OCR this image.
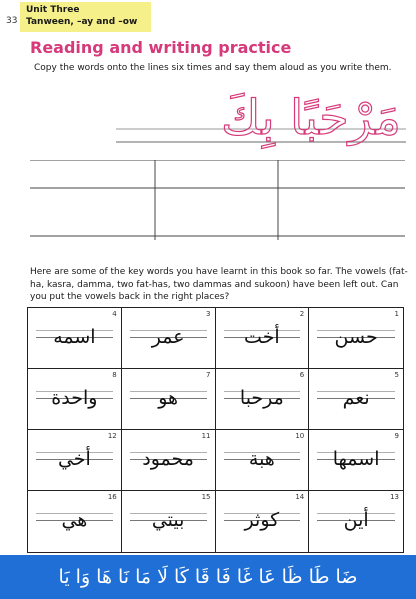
33
Unit Three
Tanween, –ay and –ow
Reading and writing practice
Copy the words onto the lines six times and say them aloud as you write them.
مَرْحَبًا بِكَ
Here are some of the key words you have learnt in this book so far. The vowels (fat-ha, kasra, damma, two fat-has, two dammas and sukoon) have been left out. Can you put the vowels back in the right places?
4
اسمه
3
عمر
2
أخت
1
حسن
8
واحدة
7
هو
6
مرحبا
5
نعم
12
أخي
11
محمود
10
هبة
9
اسمها
16
هي
15
بيتي
14
كوثر
13
أين
ضَا طَا ظَا عَا غَا فَا قَا كَا لَا مَا نَا هَا وَا يَا
